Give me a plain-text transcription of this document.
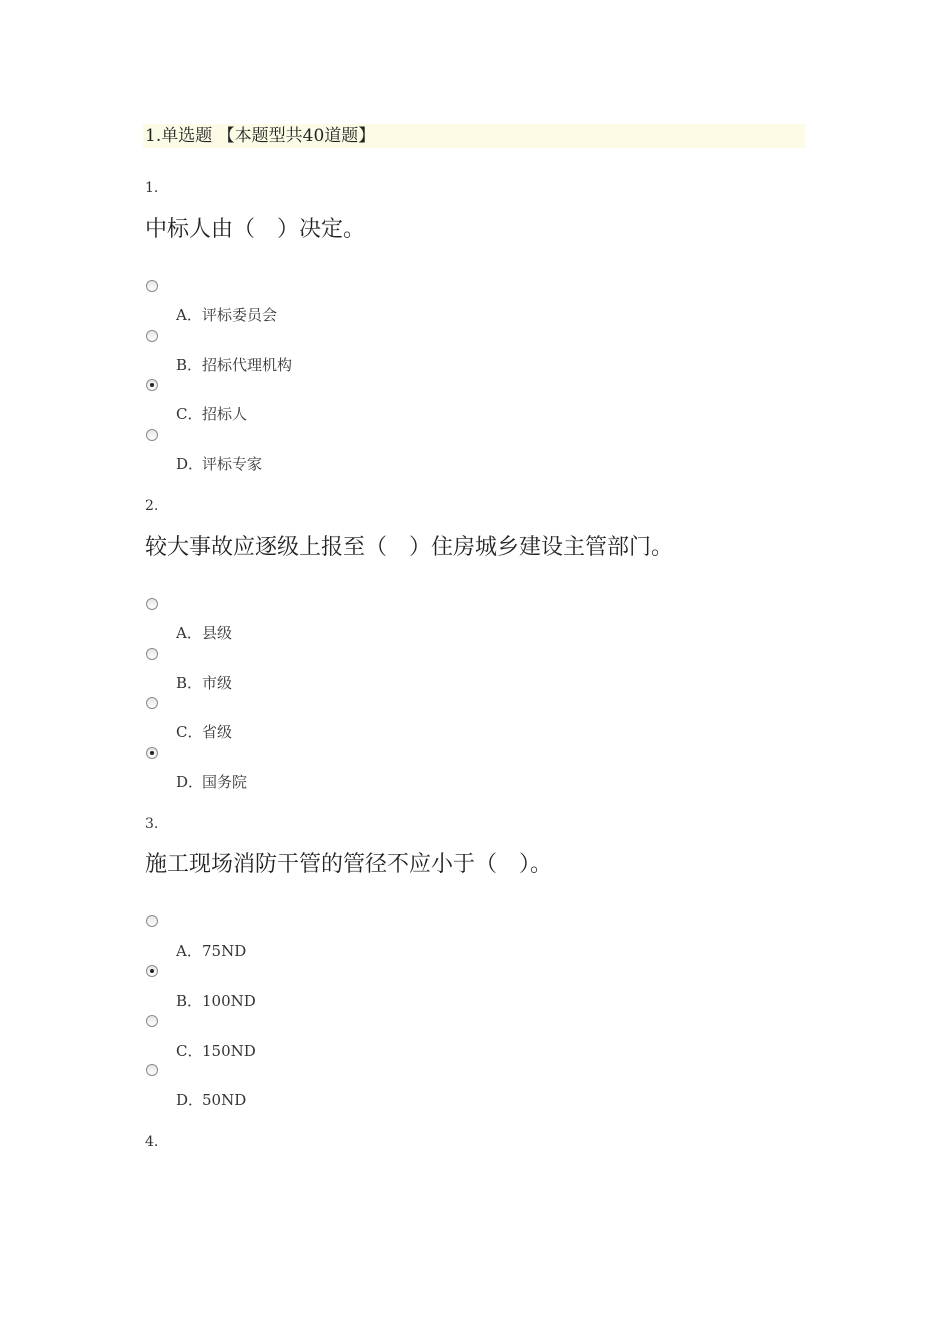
1.单选题 【本题型共40道题】
1.
中标人由（　）决定。
A．评标委员会
B．招标代理机构
C．招标人
D．评标专家
2.
较大事故应逐级上报至（　）住房城乡建设主管部门。
A．县级
B．市级
C．省级
D．国务院
3.
施工现场消防干管的管径不应小于（　）。
A．75ND
B．100ND
C．150ND
D．50ND
4.
